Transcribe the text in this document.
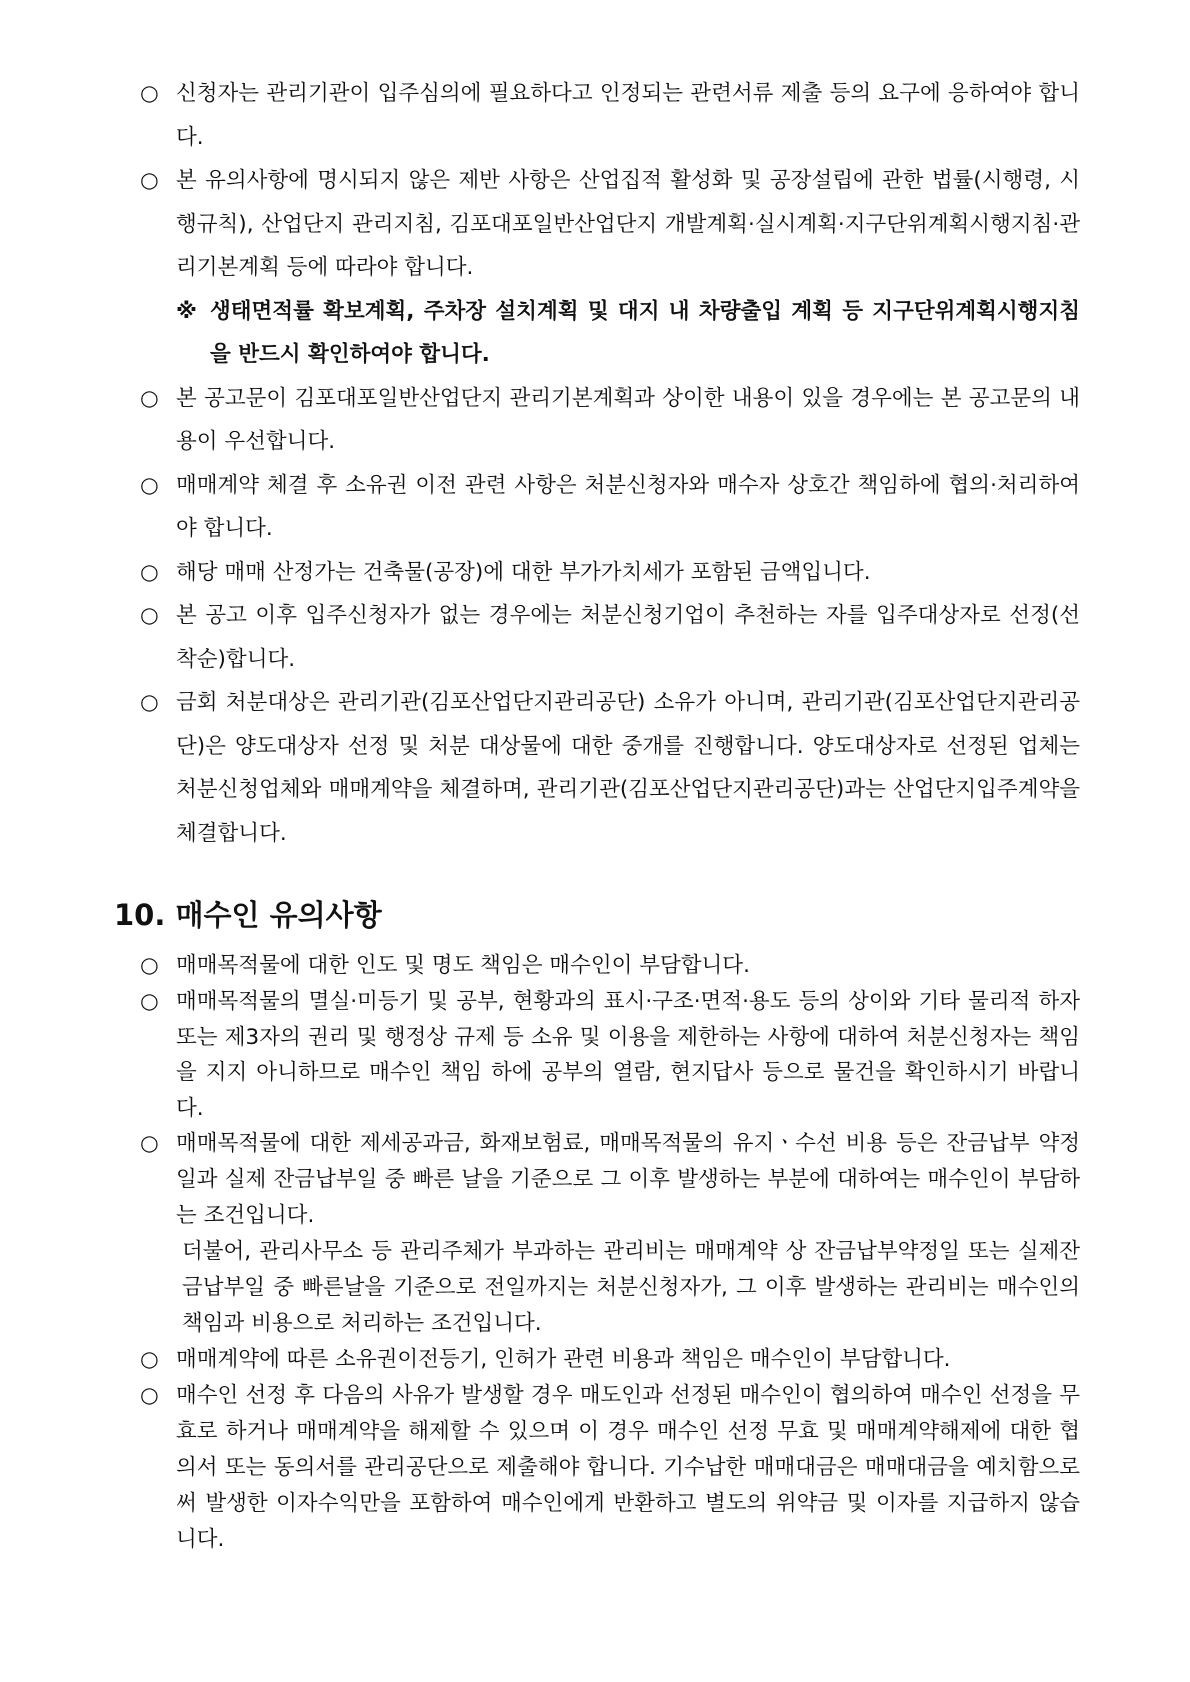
○ 신청자는 관리기관이 입주심의에 필요하다고 인정되는 관련서류 제출 등의 요구에 응하여야 합니다.
○ 본 유의사항에 명시되지 않은 제반 사항은 산업집적 활성화 및 공장설립에 관한 법률(시행령, 시행규칙), 산업단지 관리지침, 김포대포일반산업단지 개발계획·실시계획·지구단위계획시행지침·관리기본계획 등에 따라야 합니다.
※ 생태면적률 확보계획, 주차장 설치계획 및 대지 내 차량출입 계획 등 지구단위계획시행지침을 반드시 확인하여야 합니다.
○ 본 공고문이 김포대포일반산업단지 관리기본계획과 상이한 내용이 있을 경우에는 본 공고문의 내용이 우선합니다.
○ 매매계약 체결 후 소유권 이전 관련 사항은 처분신청자와 매수자 상호간 책임하에 협의·처리하여야 합니다.
○ 해당 매매 산정가는 건축물(공장)에 대한 부가가치세가 포함된 금액입니다.
○ 본 공고 이후 입주신청자가 없는 경우에는 처분신청기업이 추천하는 자를 입주대상자로 선정(선착순)합니다.
○ 금회 처분대상은 관리기관(김포산업단지관리공단) 소유가 아니며, 관리기관(김포산업단지관리공단)은 양도대상자 선정 및 처분 대상물에 대한 중개를 진행합니다. 양도대상자로 선정된 업체는 처분신청업체와 매매계약을 체결하며, 관리기관(김포산업단지관리공단)과는 산업단지입주계약을 체결합니다.
10. 매수인 유의사항
○ 매매목적물에 대한 인도 및 명도 책임은 매수인이 부담합니다.
○ 매매목적물의 멸실·미등기 및 공부, 현황과의 표시·구조·면적·용도 등의 상이와 기타 물리적 하자 또는 제3자의 권리 및 행정상 규제 등 소유 및 이용을 제한하는 사항에 대하여 처분신청자는 책임을 지지 아니하므로 매수인 책임 하에 공부의 열람, 현지답사 등으로 물건을 확인하시기 바랍니다.
○ 매매목적물에 대한 제세공과금, 화재보험료, 매매목적물의 유지ㆍ수선 비용 등은 잔금납부 약정일과 실제 잔금납부일 중 빠른 날을 기준으로 그 이후 발생하는 부분에 대하여는 매수인이 부담하는 조건입니다.
더불어, 관리사무소 등 관리주체가 부과하는 관리비는 매매계약 상 잔금납부약정일 또는 실제잔금납부일 중 빠른날을 기준으로 전일까지는 처분신청자가, 그 이후 발생하는 관리비는 매수인의 책임과 비용으로 처리하는 조건입니다.
○ 매매계약에 따른 소유권이전등기, 인허가 관련 비용과 책임은 매수인이 부담합니다.
○ 매수인 선정 후 다음의 사유가 발생할 경우 매도인과 선정된 매수인이 협의하여 매수인 선정을 무효로 하거나 매매계약을 해제할 수 있으며 이 경우 매수인 선정 무효 및 매매계약해제에 대한 협의서 또는 동의서를 관리공단으로 제출해야 합니다. 기수납한 매매대금은 매매대금을 예치함으로써 발생한 이자수익만을 포함하여 매수인에게 반환하고 별도의 위약금 및 이자를 지급하지 않습니다.
